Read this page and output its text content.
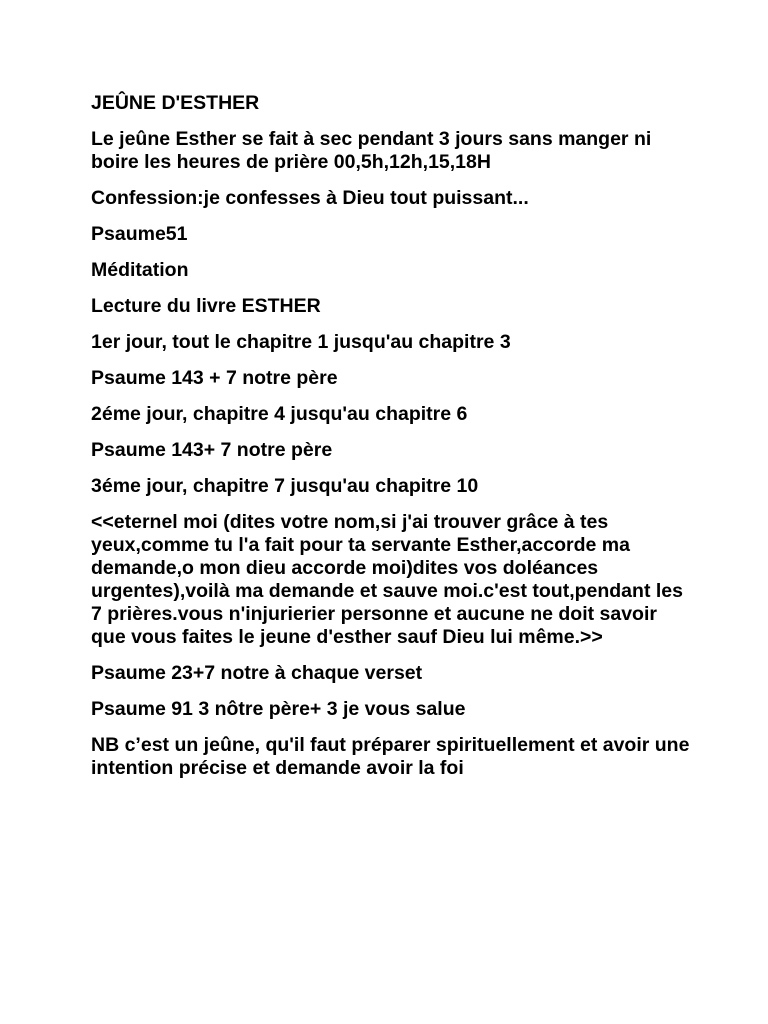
JEÛNE D'ESTHER

Le jeûne Esther se fait à sec pendant 3 jours sans manger ni boire les heures de prière 00,5h,12h,15,18H

Confession:je confesses à Dieu tout puissant...

Psaume51

Méditation

Lecture du livre ESTHER

1er jour, tout le chapitre 1 jusqu'au chapitre 3

Psaume 143 + 7 notre père

2éme jour, chapitre 4 jusqu'au chapitre 6

Psaume 143+ 7 notre père

3éme jour, chapitre 7 jusqu'au chapitre 10

<<eternel moi (dites votre nom,si j'ai trouver grâce à tes yeux,comme tu l'a fait pour ta servante Esther,accorde ma demande,o mon dieu accorde moi)dites vos doléances urgentes),voilà ma demande et sauve moi.c'est tout,pendant les 7 prières.vous n'injurierier personne et aucune ne doit savoir que vous faites le jeune d'esther sauf Dieu lui même.>>

Psaume 23+7 notre à chaque verset

Psaume 91 3 nôtre père+ 3 je vous salue

NB c’est un jeûne, qu'il faut préparer spirituellement et avoir une intention précise et demande avoir la foi
